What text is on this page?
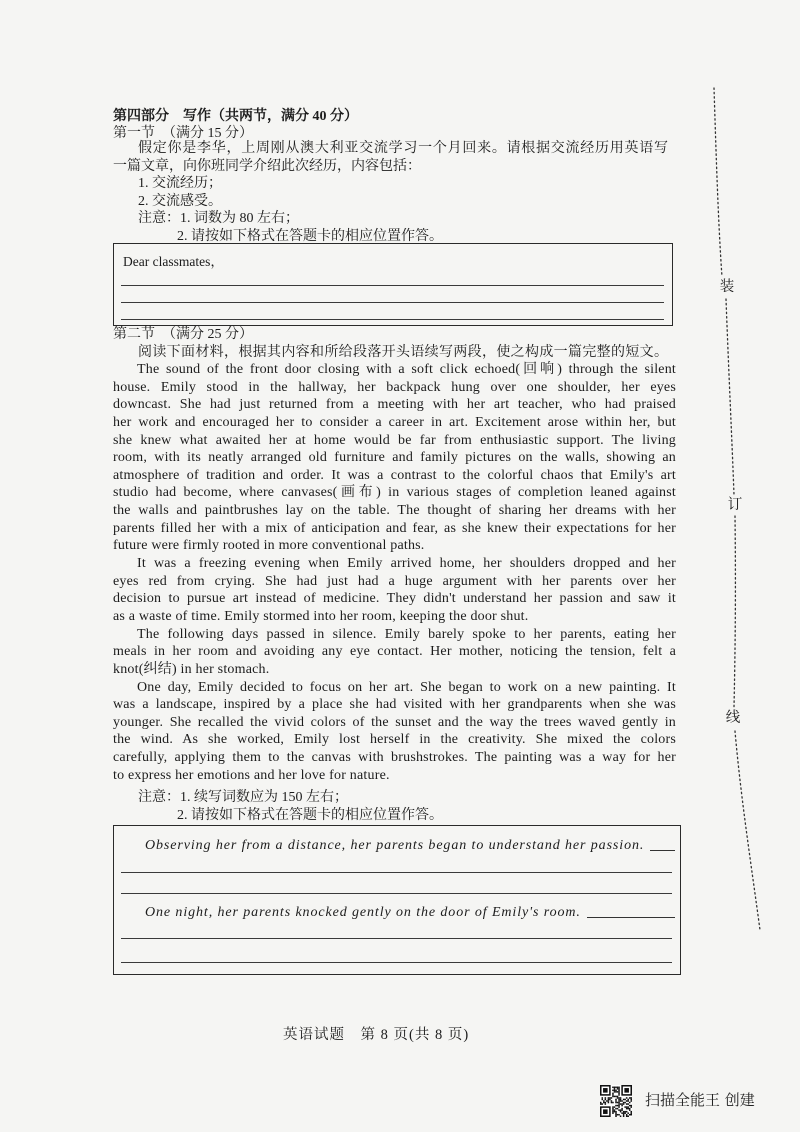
第四部分　写作（共两节，满分 40 分）
第一节　（满分 15 分）
假定你是李华，上周刚从澳大利亚交流学习一个月回来。请根据交流经历用英语写
一篇文章，向你班同学介绍此次经历，内容包括：
1. 交流经历；
2. 交流感受。
注意：1. 词数为 80 左右；
2. 请按如下格式在答题卡的相应位置作答。
Dear classmates，
第二节　（满分 25 分）
阅读下面材料，根据其内容和所给段落开头语续写两段，使之构成一篇完整的短文。
The sound of the front door closing with a soft click echoed(回响) through the silent
house. Emily stood in the hallway, her backpack hung over one shoulder, her eyes
downcast. She had just returned from a meeting with her art teacher, who had praised
her work and encouraged her to consider a career in art. Excitement arose within her, but
she knew what awaited her at home would be far from enthusiastic support. The living
room, with its neatly arranged old furniture and family pictures on the walls, showing an
atmosphere of tradition and order. It was a contrast to the colorful chaos that Emily's art
studio had become, where canvases(画布) in various stages of completion leaned against
the walls and paintbrushes lay on the table. The thought of sharing her dreams with her
parents filled her with a mix of anticipation and fear, as she knew their expectations for her
future were firmly rooted in more conventional paths.
It was a freezing evening when Emily arrived home, her shoulders dropped and her
eyes red from crying. She had just had a huge argument with her parents over her
decision to pursue art instead of medicine. They didn't understand her passion and saw it
as a waste of time. Emily stormed into her room, keeping the door shut.
The following days passed in silence. Emily barely spoke to her parents, eating her
meals in her room and avoiding any eye contact. Her mother, noticing the tension, felt a
knot(纠结) in her stomach.
One day, Emily decided to focus on her art. She began to work on a new painting. It
was a landscape, inspired by a place she had visited with her grandparents when she was
younger. She recalled the vivid colors of the sunset and the way the trees waved gently in
the wind. As she worked, Emily lost herself in the creativity. She mixed the colors
carefully, applying them to the canvas with brushstrokes. The painting was a way for her
to express her emotions and her love for nature.
注意：1. 续写词数应为 150 左右；
2. 请按如下格式在答题卡的相应位置作答。
Observing her from a distance, her parents began to understand her passion.
One night, her parents knocked gently on the door of Emily's room.
英语试题　第 8 页(共 8 页)
装
订
线
扫描全能王 创建
